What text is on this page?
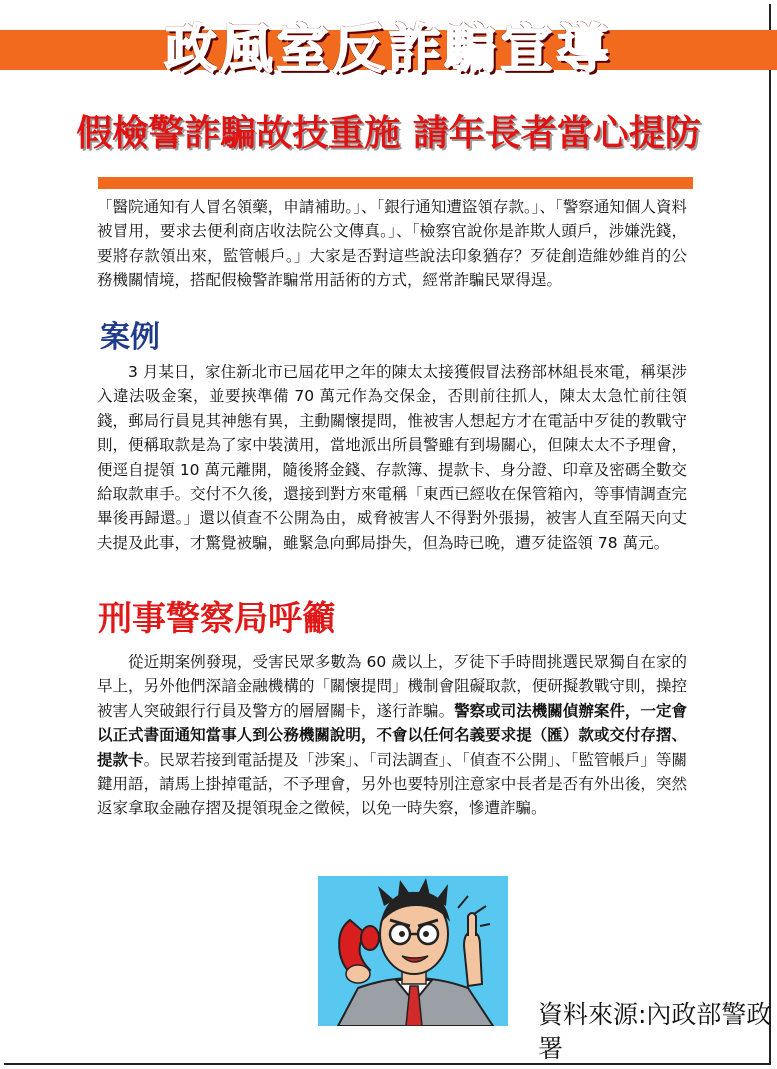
政風室反詐騙宣導
假檢警詐騙故技重施 請年長者當心提防

「醫院通知有人冒名領藥，申請補助。」、「銀行通知遭盜領存款。」、「警察通知個人資料被冒用，要求去便利商店收法院公文傳真。」、「檢察官說你是詐欺人頭戶，涉嫌洗錢，要將存款領出來，監管帳戶。」大家是否對這些說法印象猶存？歹徒創造維妙維肖的公務機關情境，搭配假檢警詐騙常用話術的方式，經常詐騙民眾得逞。

案例

3 月某日，家住新北市已屆花甲之年的陳太太接獲假冒法務部林組長來電，稱渠涉入違法吸金案，並要挾準備 70 萬元作為交保金，否則前往抓人，陳太太急忙前往領錢，郵局行員見其神態有異，主動關懷提問，惟被害人想起方才在電話中歹徒的教戰守則，便稱取款是為了家中裝潢用，當地派出所員警雖有到場關心，但陳太太不予理會，便逕自提領 10 萬元離開，隨後將金錢、存款簿、提款卡、身分證、印章及密碼全數交給取款車手。交付不久後，還接到對方來電稱「東西已經收在保管箱內，等事情調查完畢後再歸還。」還以偵查不公開為由，威脅被害人不得對外張揚，被害人直至隔天向丈夫提及此事，才驚覺被騙，雖緊急向郵局掛失，但為時已晚，遭歹徒盜領 78 萬元。

刑事警察局呼籲

從近期案例發現，受害民眾多數為 60 歲以上，歹徒下手時間挑選民眾獨自在家的早上，另外他們深諳金融機構的「關懷提問」機制會阻礙取款，便研擬教戰守則，操控被害人突破銀行行員及警方的層層關卡，遂行詐騙。警察或司法機關偵辦案件，一定會以正式書面通知當事人到公務機關說明，不會以任何名義要求提（匯）款或交付存摺、提款卡。民眾若接到電話提及「涉案」、「司法調查」、「偵查不公開」、「監管帳戶」等關鍵用語，請馬上掛掉電話，不予理會，另外也要特別注意家中長者是否有外出後，突然返家拿取金融存摺及提領現金之徵候，以免一時失察，慘遭詐騙。

資料來源:內政部警政署
